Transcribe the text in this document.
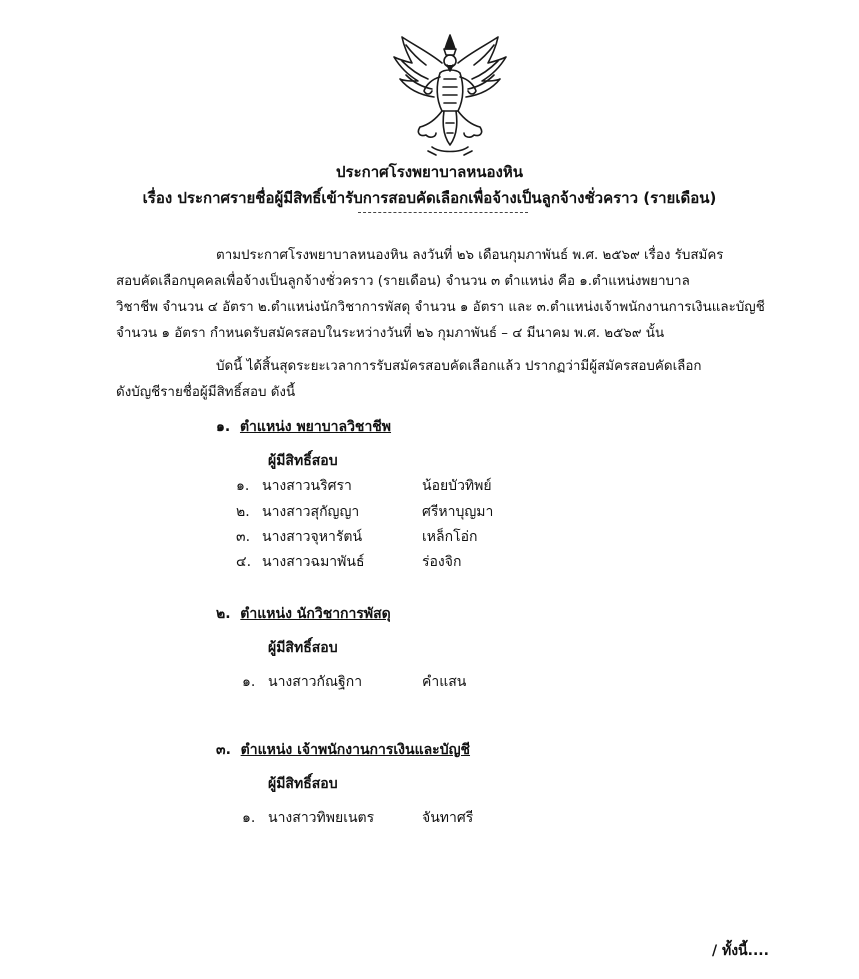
ประกาศโรงพยาบาลหนองหิน
เรื่อง ประกาศรายชื่อผู้มีสิทธิ์เข้ารับการสอบคัดเลือกเพื่อจ้างเป็นลูกจ้างชั่วคราว (รายเดือน)
ตามประกาศโรงพยาบาลหนองหิน ลงวันที่ ๒๖ เดือนกุมภาพันธ์ พ.ศ. ๒๕๖๙ เรื่อง รับสมัคร
สอบคัดเลือกบุคคลเพื่อจ้างเป็นลูกจ้างชั่วคราว (รายเดือน) จำนวน ๓ ตำแหน่ง คือ ๑.ตำแหน่งพยาบาล
วิชาชีพ จำนวน ๔ อัตรา ๒.ตำแหน่งนักวิชาการพัสดุ จำนวน ๑ อัตรา และ ๓.ตำแหน่งเจ้าพนักงานการเงินและบัญชี
จำนวน ๑ อัตรา กำหนดรับสมัครสอบในระหว่างวันที่ ๒๖ กุมภาพันธ์ – ๔ มีนาคม พ.ศ. ๒๕๖๙ นั้น
บัดนี้ ได้สิ้นสุดระยะเวลาการรับสมัครสอบคัดเลือกแล้ว ปรากฏว่ามีผู้สมัครสอบคัดเลือก
ดังบัญชีรายชื่อผู้มีสิทธิ์สอบ ดังนี้
๑. ตำแหน่ง พยาบาลวิชาชีพ
ผู้มีสิทธิ์สอบ
๑. นางสาวนริศรา	น้อยบัวทิพย์
๒. นางสาวสุกัญญา	ศรีหาบุญมา
๓. นางสาวจุหารัตน์	เหล็กโอ่ก
๔. นางสาวฉมาพันธ์	ร่องจิก
๒. ตำแหน่ง นักวิชาการพัสดุ
ผู้มีสิทธิ์สอบ
๑. นางสาวกัณฐิกา	คำแสน
๓. ตำแหน่ง เจ้าพนักงานการเงินและบัญชี
ผู้มีสิทธิ์สอบ
๑. นางสาวทิพยเนตร	จันทาศรี
/ ทั้งนี้....
